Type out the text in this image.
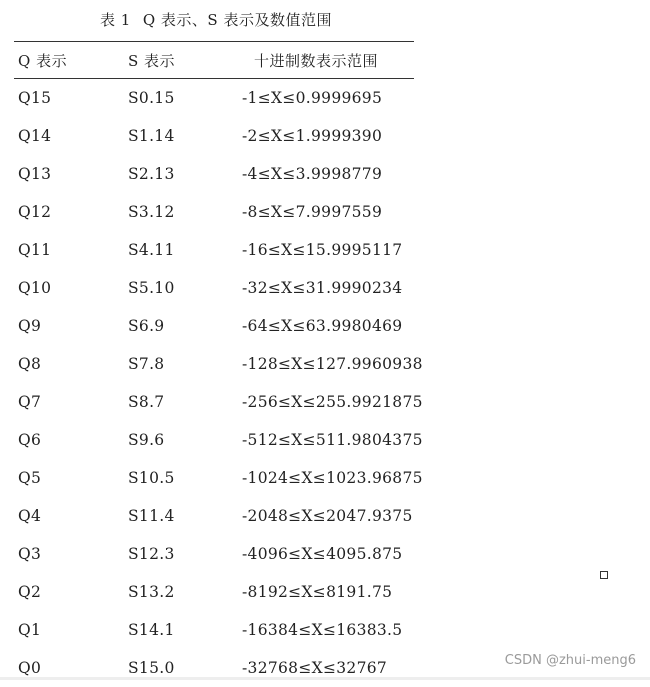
表 1 Q 表示、S 表示及数值范围
Q 表示	S 表示	十进制数表示范围
Q15	S0.15	-1≤X≤0.9999695
Q14	S1.14	-2≤X≤1.9999390
Q13	S2.13	-4≤X≤3.9998779
Q12	S3.12	-8≤X≤7.9997559
Q11	S4.11	-16≤X≤15.9995117
Q10	S5.10	-32≤X≤31.9990234
Q9	S6.9	-64≤X≤63.9980469
Q8	S7.8	-128≤X≤127.9960938
Q7	S8.7	-256≤X≤255.9921875
Q6	S9.6	-512≤X≤511.9804375
Q5	S10.5	-1024≤X≤1023.96875
Q4	S11.4	-2048≤X≤2047.9375
Q3	S12.3	-4096≤X≤4095.875
Q2	S13.2	-8192≤X≤8191.75
Q1	S14.1	-16384≤X≤16383.5
Q0	S15.0	-32768≤X≤32767	CSDN @zhui-meng6
